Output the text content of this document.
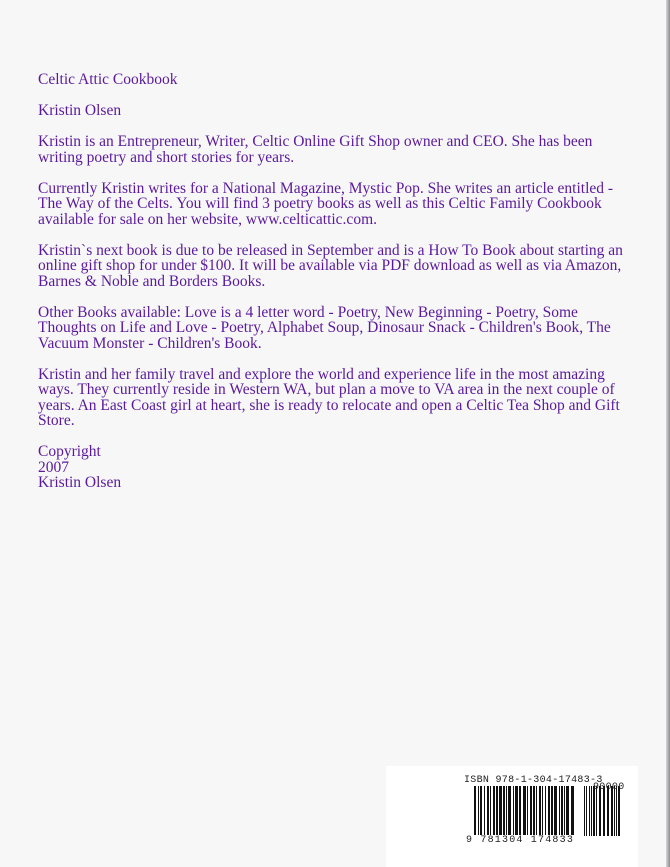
Celtic Attic Cookbook

Kristin Olsen

Kristin is an Entrepreneur, Writer, Celtic Online Gift Shop owner and CEO. She has been writing poetry and short stories for years.

Currently Kristin writes for a National Magazine, Mystic Pop. She writes an article entitled - The Way of the Celts. You will find 3 poetry books as well as this Celtic Family Cookbook available for sale on her website, www.celticattic.com.

Kristin`s next book is due to be released in September and is a How To Book about starting an online gift shop for under $100. It will be available via PDF download as well as via Amazon, Barnes & Noble and Borders Books.

Other Books available: Love is a 4 letter word - Poetry, New Beginning - Poetry, Some Thoughts on Life and Love - Poetry, Alphabet Soup, Dinosaur Snack - Children's Book, The Vacuum Monster - Children's Book.

Kristin and her family travel and explore the world and experience life in the most amazing ways. They currently reside in Western WA, but plan a move to VA area in the next couple of years. An East Coast girl at heart, she is ready to relocate and open a Celtic Tea Shop and Gift Store.

Copyright
2007
Kristin Olsen
ISBN 978-1-304-17483-3
90000
9 781304 174833
